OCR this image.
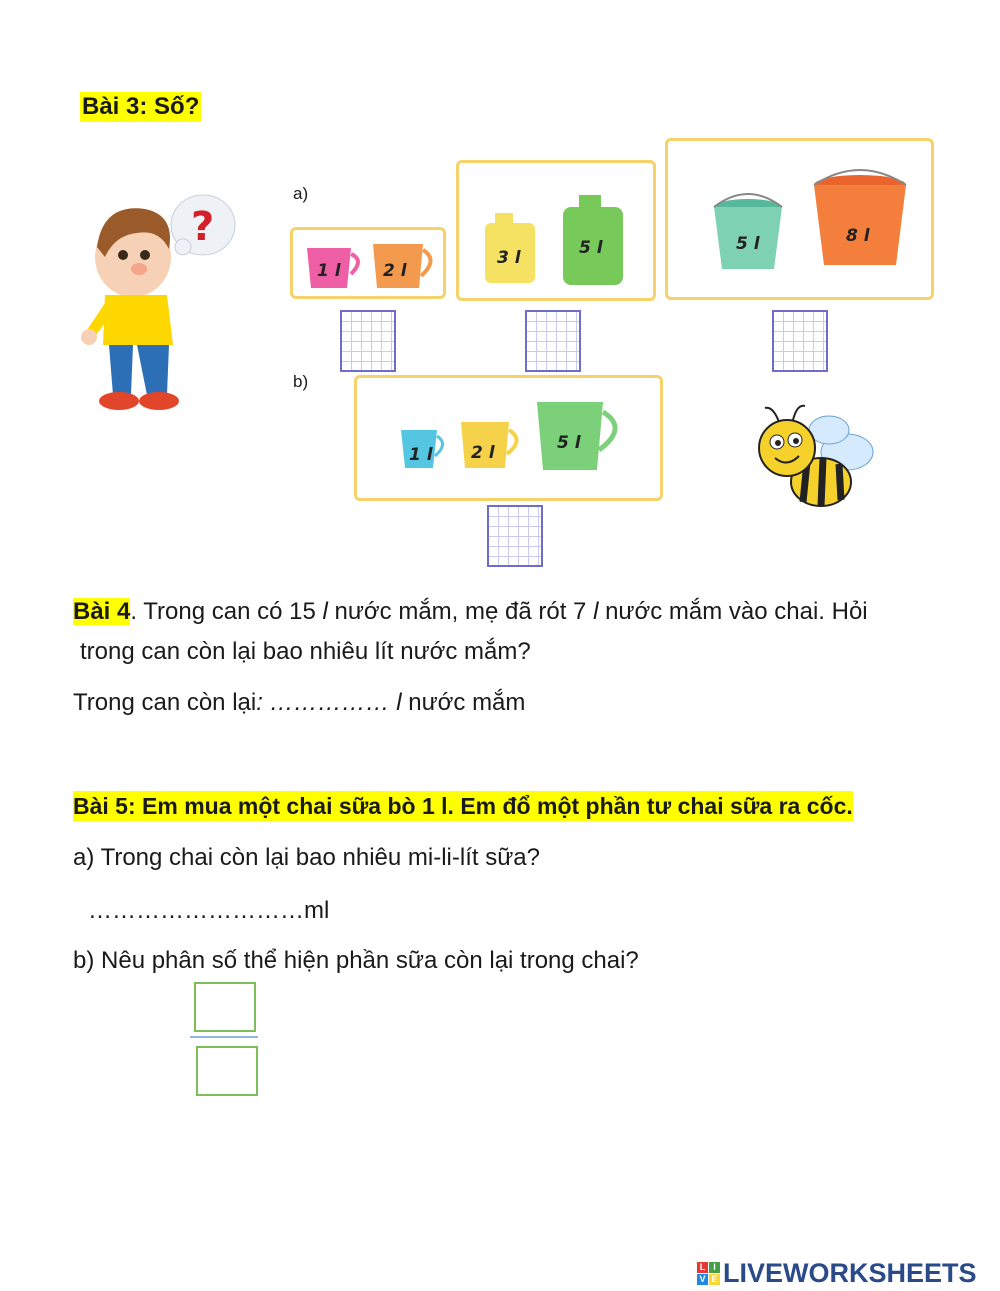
Bài 3: Số?
?
a)
1 l 2 l
3 l	5 l	5 l	8 l
b)
1 l 2 l	5 l
Bài 4. Trong can có 15 l nước mắm, mẹ đã rót 7 l nước mắm vào chai. Hỏi
trong can còn lại bao nhiêu lít nước mắm?
Trong can còn lại: …………… l nước mắm
Bài 5: Em mua một chai sữa bò 1 l. Em đổ một phần tư chai sữa ra cốc.
a) Trong chai còn lại bao nhiêu mi-li-lít sữa?
………………………ml
b) Nêu phân số thể hiện phần sữa còn lại trong chai?
L I
V E LIVEWORKSHEETS
